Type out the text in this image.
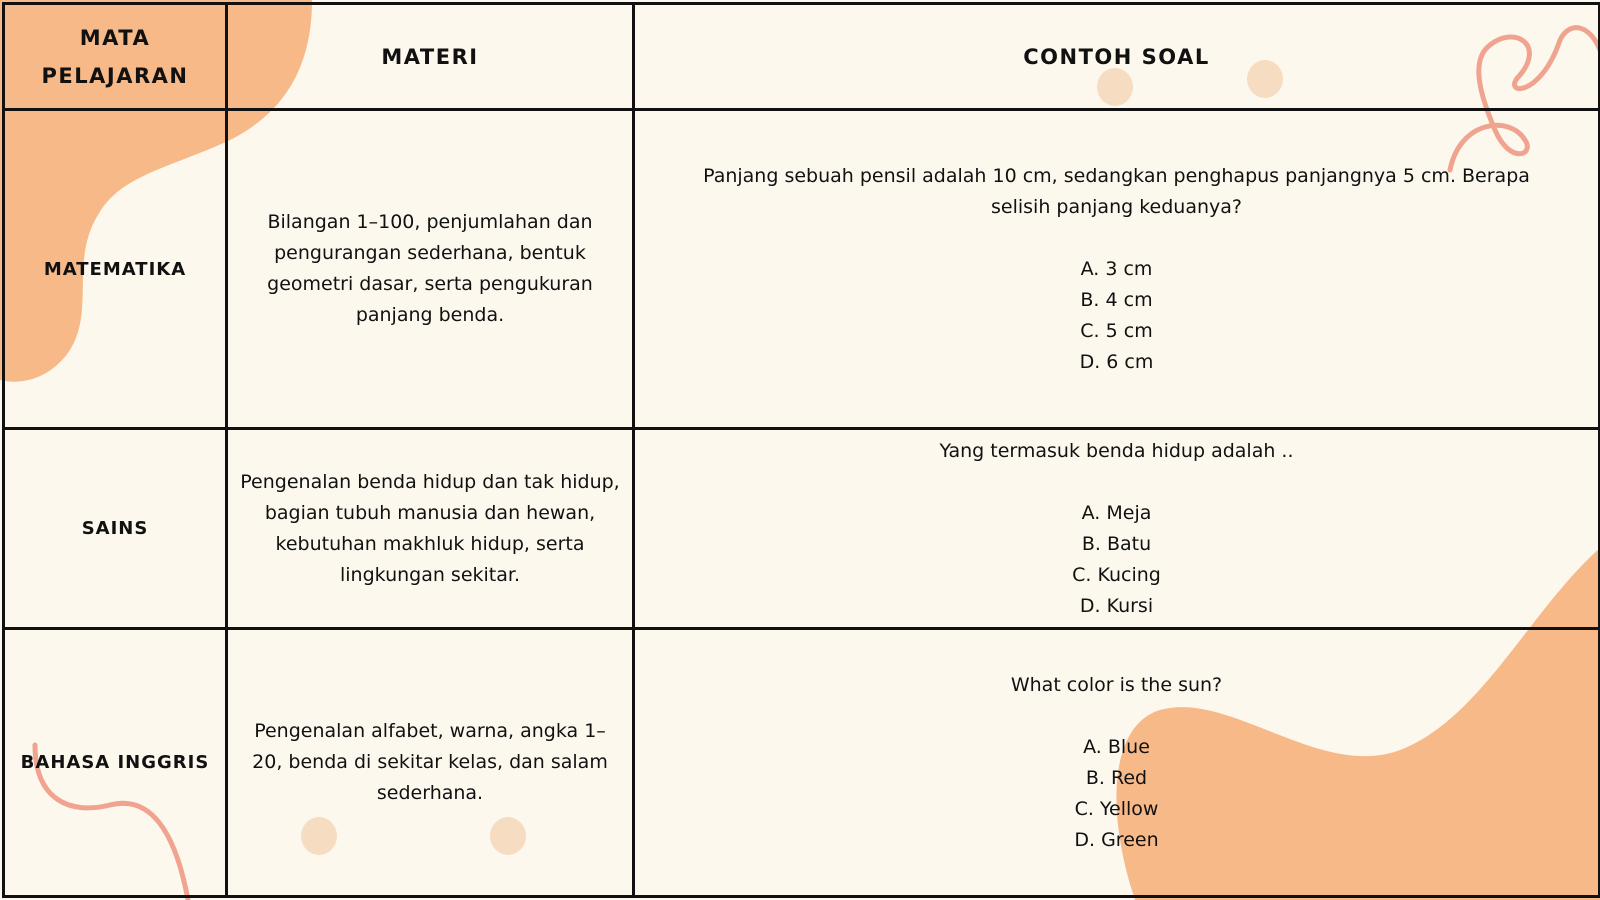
MATA PELAJARAN	MATERI	CONTOH SOAL
MATEMATIKA	Bilangan 1–100, penjumlahan dan pengurangan sederhana, bentuk geometri dasar, serta pengukuran panjang benda.	Panjang sebuah pensil adalah 10 cm, sedangkan penghapus panjangnya 5 cm. Berapa selisih panjang keduanya?
A. 3 cm
B. 4 cm
C. 5 cm
D. 6 cm

SAINS	Pengenalan benda hidup dan tak hidup, bagian tubuh manusia dan hewan, kebutuhan makhluk hidup, serta lingkungan sekitar.	Yang termasuk benda hidup adalah ..
A. Meja
B. Batu
C. Kucing
D. Kursi

BAHASA INGGRIS	Pengenalan alfabet, warna, angka 1–20, benda di sekitar kelas, dan salam sederhana.	What color is the sun?
A. Blue
B. Red
C. Yellow
D. Green
